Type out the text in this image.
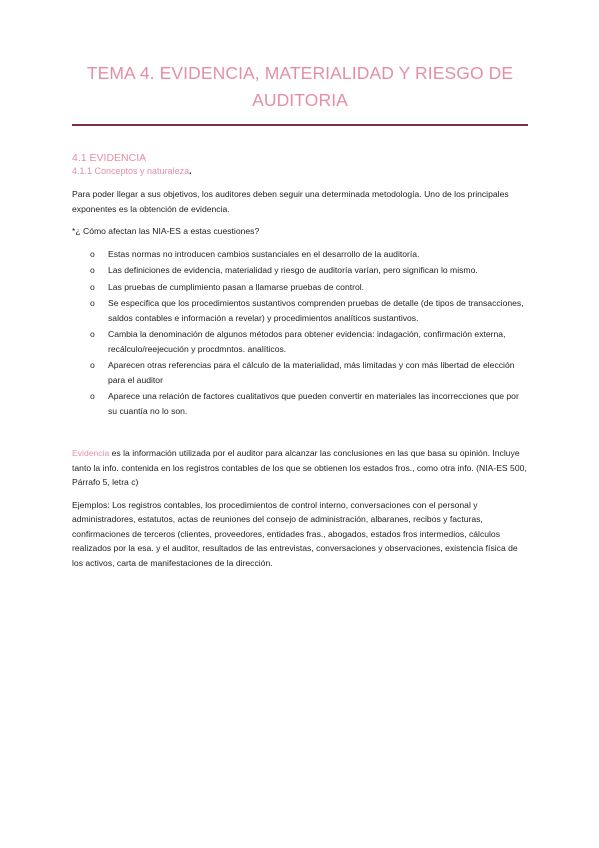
TEMA 4. EVIDENCIA, MATERIALIDAD Y RIESGO DE AUDITORIA
4.1 EVIDENCIA
4.1.1 Conceptos y naturaleza.

Para poder llegar a sus objetivos, los auditores deben seguir una determinada metodología. Uno de los principales exponentes es la obtención de evidencia.

*¿ Cómo afectan las NIA-ES a estas cuestiones?

o Estas normas no introducen cambios sustanciales en el desarrollo de la auditoría.
o Las definiciones de evidencia, materialidad y riesgo de auditoría varían, pero significan lo mismo.
o Las pruebas de cumplimiento pasan a llamarse pruebas de control.
o Se especifica que los procedimientos sustantivos comprenden pruebas de detalle (de tipos de transacciones, saldos contables e información a revelar) y procedimientos analíticos sustantivos.
o Cambia la denominación de algunos métodos para obtener evidencia: indagación, confirmación externa, recálculo/reejecución y procdmntos. analíticos.
o Aparecen otras referencias para el cálculo de la materialidad, más limitadas y con más libertad de elección para el auditor
o Aparece una relación de factores cualitativos que pueden convertir en materiales las incorrecciones que por su cuantía no lo son.

Evidencia es la información utilizada por el auditor para alcanzar las conclusiones en las que basa su opinión. Incluye tanto la info. contenida en los registros contables de los que se obtienen los estados fros., como otra info. (NIA-ES 500, Párrafo 5, letra c)

Ejemplos: Los registros contables, los procedimientos de control interno, conversaciones con el personal y administradores, estatutos, actas de reuniones del consejo de administración, albaranes, recibos y facturas, confirmaciones de terceros (clientes, proveedores, entidades fras., abogados, estados fros intermedios, cálculos realizados por la esa. y el auditor, resultados de las entrevistas, conversaciones y observaciones, existencia física de los activos, carta de manifestaciones de la dirección.
